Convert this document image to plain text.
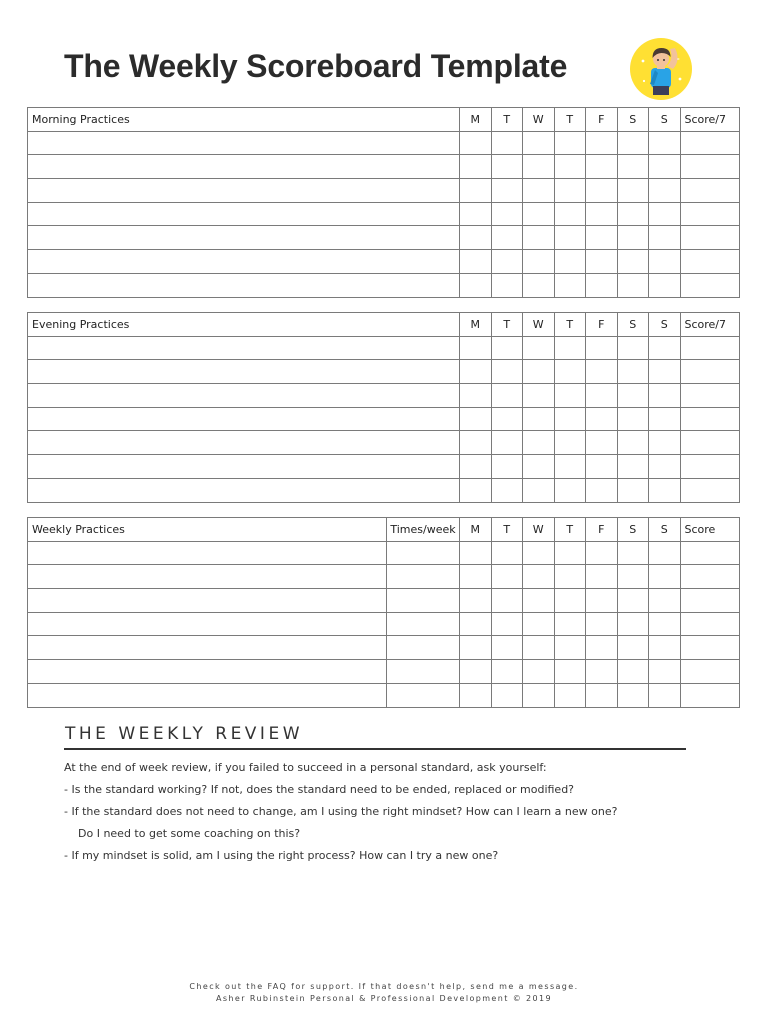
The Weekly Scoreboard Template
Morning Practices	M	T	W	T	F	S	S	Score/7

Evening Practices	M	T	W	T	F	S	S	Score/7

Weekly Practices	Times/week	M	T	W	T	F	S	S	Score

THE WEEKLY REVIEW
At the end of week review, if you failed to succeed in a personal standard, ask yourself:
- Is the standard working? If not, does the standard need to be ended, replaced or modified?
- If the standard does not need to change, am I using the right mindset? How can I learn a new one?
Do I need to get some coaching on this?
- If my mindset is solid, am I using the right process? How can I try a new one?
Check out the FAQ for support. If that doesn't help, send me a message.
Asher Rubinstein Personal & Professional Development © 2019
